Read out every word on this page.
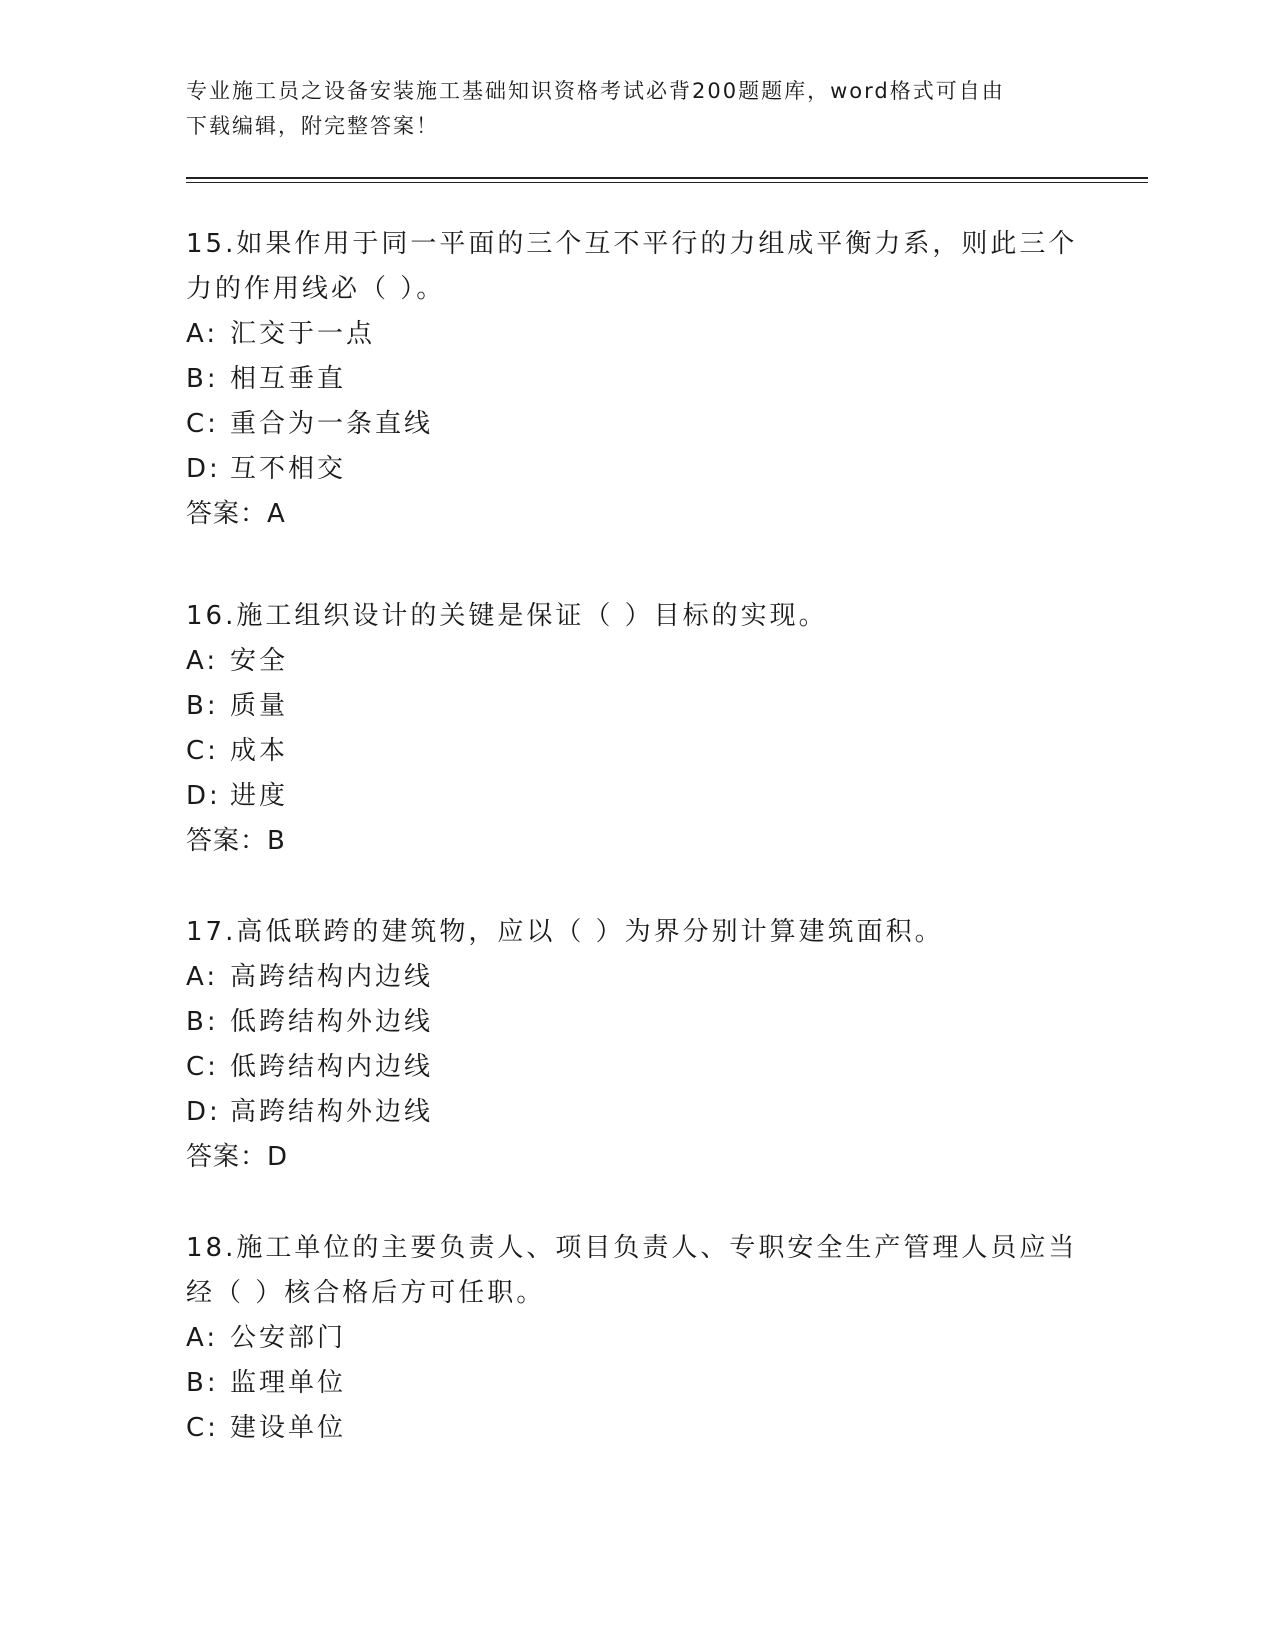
专业施工员之设备安装施工基础知识资格考试必背200题题库，word格式可自由
下载编辑，附完整答案！
15.如果作用于同一平面的三个互不平行的力组成平衡力系，则此三个
力的作用线必（ ）。
A: 汇交于一点
B: 相互垂直
C: 重合为一条直线
D: 互不相交
答案：A
16.施工组织设计的关键是保证（ ）目标的实现。
A: 安全
B: 质量
C: 成本
D: 进度
答案：B
17.高低联跨的建筑物，应以（ ）为界分别计算建筑面积。
A: 高跨结构内边线
B: 低跨结构外边线
C: 低跨结构内边线
D: 高跨结构外边线
答案：D
18.施工单位的主要负责人、项目负责人、专职安全生产管理人员应当
经（ ）核合格后方可任职。
A: 公安部门
B: 监理单位
C: 建设单位
